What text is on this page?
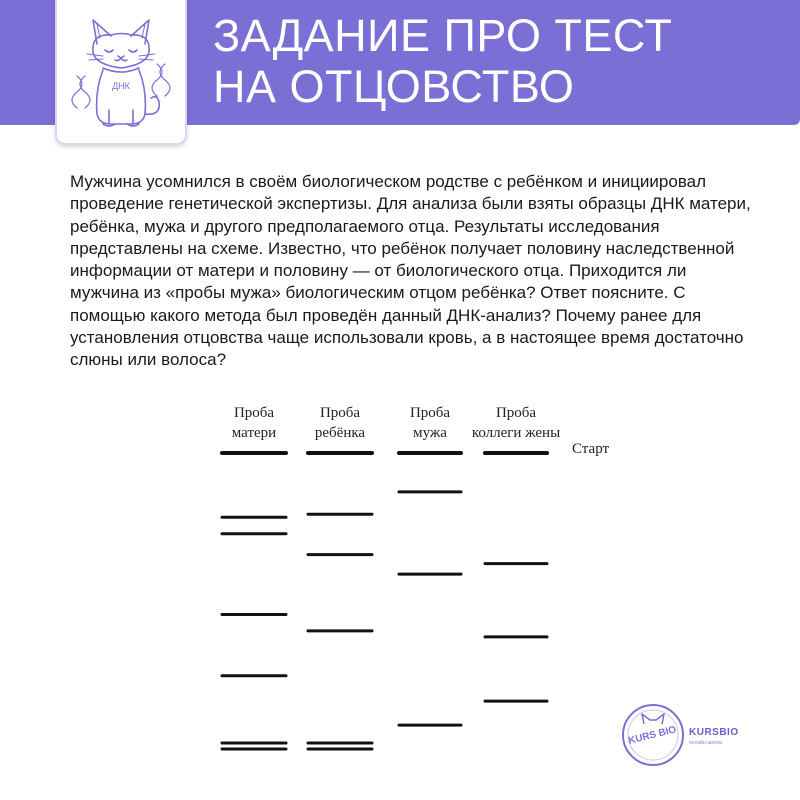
ЗАДАНИЕ ПРО ТЕСТ
НА ОТЦОВСТВО
ДНК
Мужчина усомнился в своём биологическом родстве с ребёнком и инициировал проведение генетической экспертизы. Для анализа были взяты образцы ДНК матери, ребёнка, мужа и другого предполагаемого отца. Результаты исследования представлены на схеме. Известно, что ребёнок получает половину наследственной информации от матери и половину — от биологического отца. Приходится ли мужчина из «пробы мужа» биологическим отцом ребёнка? Ответ поясните. С помощью какого метода был проведён данный ДНК-анализ? Почему ранее для установления отцовства чаще использовали кровь, а в настоящее время достаточно слюны или волоса?
Проба
матери
Проба
ребёнка
Проба
мужа
Проба
коллеги жены
Старт
KURS BIO KURSBIO
онлайн-школа
